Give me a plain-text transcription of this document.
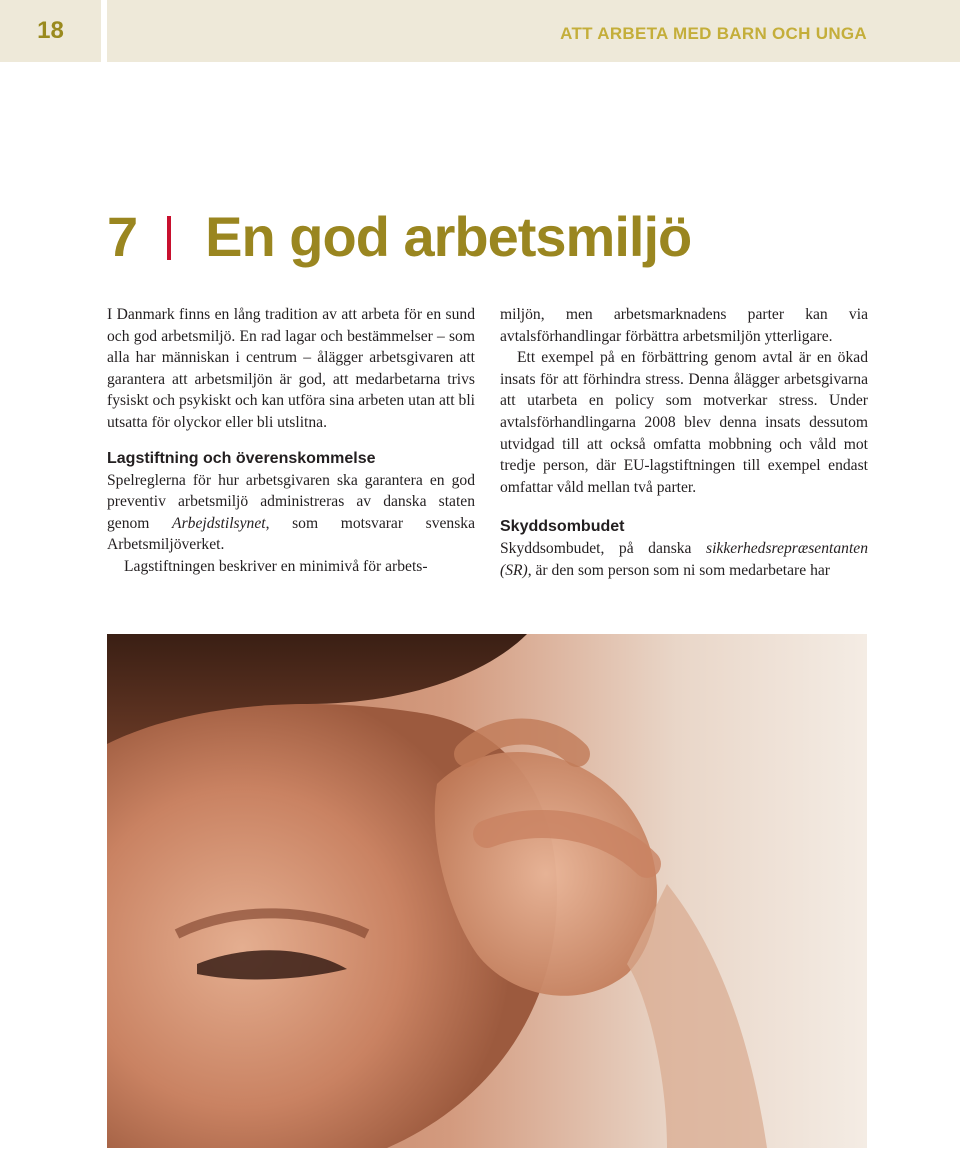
18	ATT ARBETA MED BARN OCH UNGA
7 En god arbetsmiljö

I Danmark finns en lång tradition av att arbeta för en sund och god arbetsmiljö. En rad lagar och bestämmelser – som alla har människan i centrum – ålägger arbetsgivaren att garantera att arbetsmiljön är god, att medarbetarna trivs fysiskt och psykiskt och kan utföra sina arbeten utan att bli utsatta för olyckor eller bli utslitna.

Lagstiftning och överenskommelse

Spelreglerna för hur arbetsgivaren ska garantera en god preventiv arbetsmiljö administreras av danska staten genom Arbejdstilsynet, som motsvarar svenska Arbetsmiljöverket.

Lagstiftningen beskriver en minimivå för arbets-

miljön, men arbetsmarknadens parter kan via avtalsförhandlingar förbättra arbetsmiljön ytterligare.

Ett exempel på en förbättring genom avtal är en ökad insats för att förhindra stress. Denna ålägger arbetsgivarna att utarbeta en policy som motverkar stress. Under avtalsförhandlingarna 2008 blev denna insats dessutom utvidgad till att också omfatta mobbning och våld mot tredje person, där EU-lagstiftningen till exempel endast omfattar våld mellan två parter.

Skyddsombudet

Skyddsombudet, på danska sikkerhedsrepræsentanten (SR), är den som person som ni som medarbetare har
